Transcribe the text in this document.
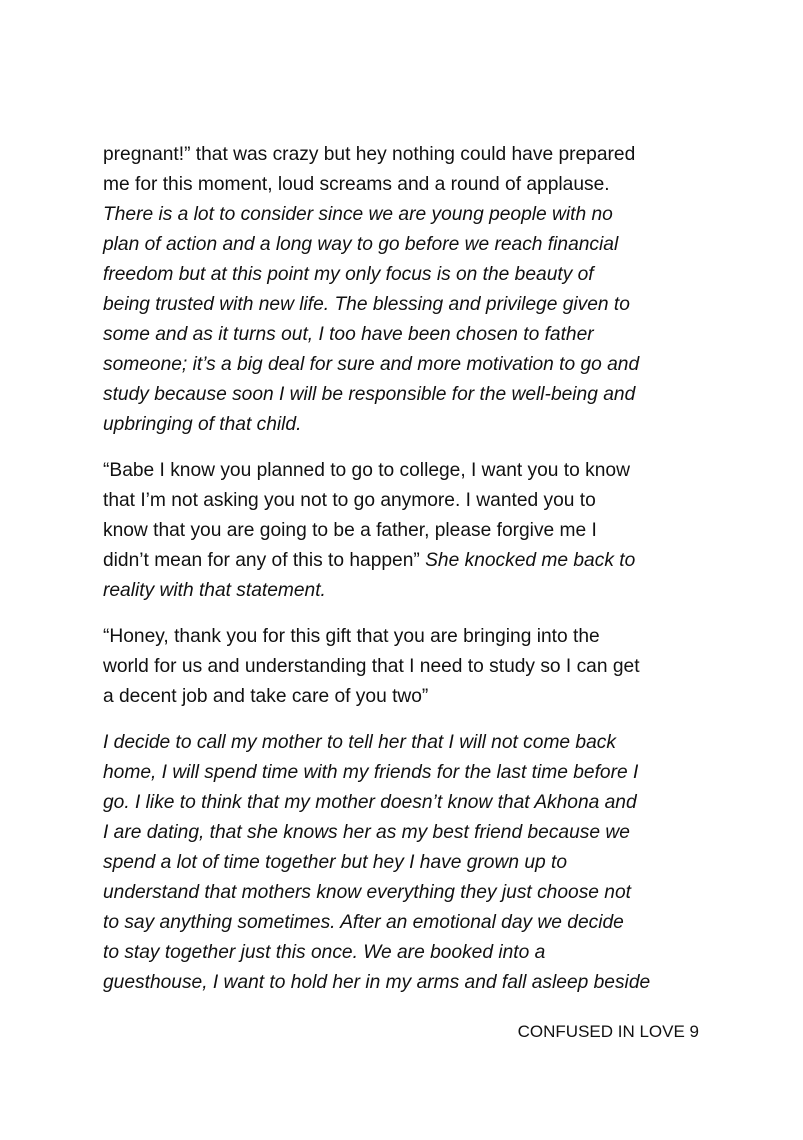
pregnant!” that was crazy but hey nothing could have prepared
me for this moment, loud screams and a round of applause.
There is a lot to consider since we are young people with no
plan of action and a long way to go before we reach financial
freedom but at this point my only focus is on the beauty of
being trusted with new life. The blessing and privilege given to
some and as it turns out, I too have been chosen to father
someone; it’s a big deal for sure and more motivation to go and
study because soon I will be responsible for the well-being and
upbringing of that child.
“Babe I know you planned to go to college, I want you to know
that I’m not asking you not to go anymore. I wanted you to
know that you are going to be a father, please forgive me I
didn’t mean for any of this to happen” She knocked me back to
reality with that statement.
“Honey, thank you for this gift that you are bringing into the
world for us and understanding that I need to study so I can get
a decent job and take care of you two”
I decide to call my mother to tell her that I will not come back
home, I will spend time with my friends for the last time before I
go. I like to think that my mother doesn’t know that Akhona and
I are dating, that she knows her as my best friend because we
spend a lot of time together but hey I have grown up to
understand that mothers know everything they just choose not
to say anything sometimes. After an emotional day we decide
to stay together just this once. We are booked into a
guesthouse, I want to hold her in my arms and fall asleep beside
CONFUSED IN LOVE 9
